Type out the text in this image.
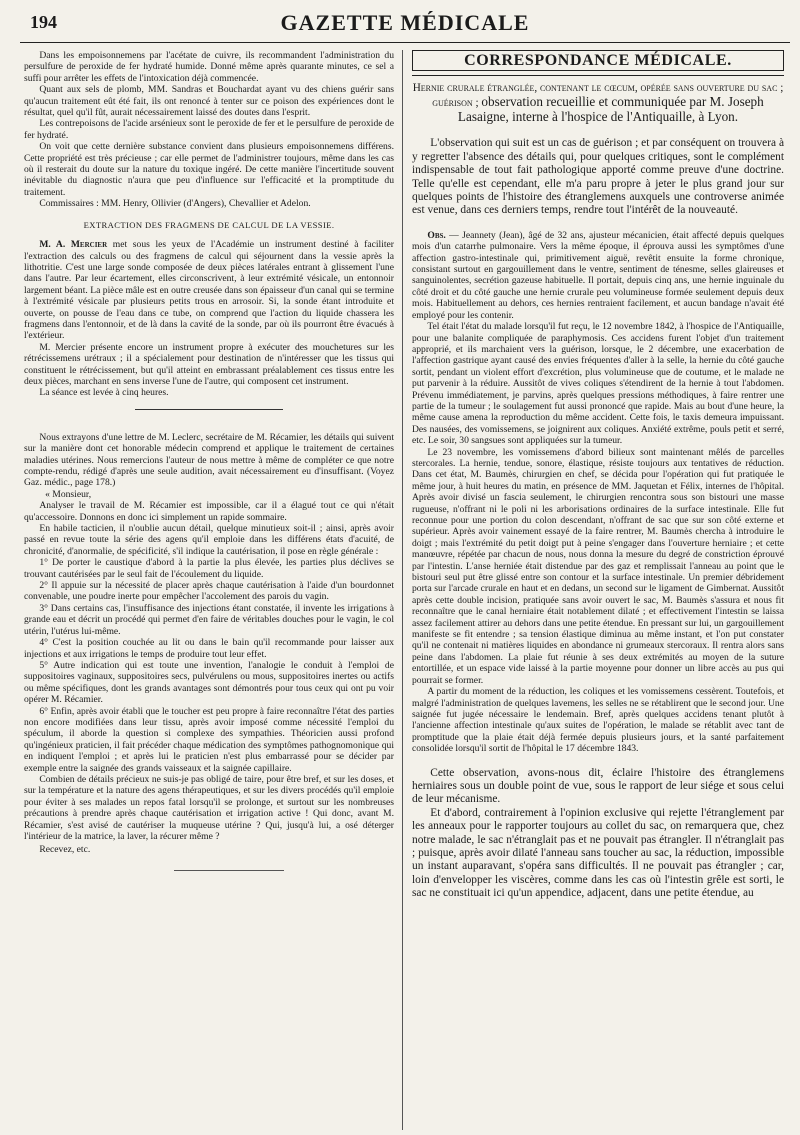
194	GAZETTE MÉDICALE

Dans les empoisonnemens par l'acétate de cuivre, ils recommandent l'administration du persulfure de peroxide de fer hydraté humide. Donné même après quarante minutes, ce sel a suffi pour arrêter les effets de l'intoxication déjà commencée.

Quant aux sels de plomb, MM. Sandras et Bouchardat ayant vu des chiens guérir sans qu'aucun traitement eût été fait, ils ont renoncé à tenter sur ce poison des expériences dont le résultat, quel qu'il fût, aurait nécessairement laissé des doutes dans l'esprit.

Les contrepoisons de l'acide arsénieux sont le peroxide de fer et le persulfure de peroxide de fer hydraté.

On voit que cette dernière substance convient dans plusieurs empoisonnemens différens. Cette propriété est très précieuse ; car elle permet de l'administrer toujours, même dans les cas où il resterait du doute sur la nature du toxique ingéré. De cette manière l'incertitude souvent inévitable du diagnostic n'aura que peu d'influence sur l'efficacité et la promptitude du traitement.

Commissaires : MM. Henry, Ollivier (d'Angers), Chevallier et Adelon.

EXTRACTION DES FRAGMENS DE CALCUL DE LA VESSIE.

M. A. Mercier met sous les yeux de l'Académie un instrument destiné à faciliter l'extraction des calculs ou des fragmens de calcul qui séjournent dans la vessie après la lithotritie. C'est une large sonde composée de deux pièces latérales entrant à glissement l'une dans l'autre. Par leur écartement, elles circonscrivent, à leur extrémité vésicale, un entonnoir largement béant. La pièce mâle est en outre creusée dans son épaisseur d'un canal qui se termine à l'extrémité vésicale par plusieurs petits trous en arrosoir. Si, la sonde étant introduite et ouverte, on pousse de l'eau dans ce tube, on comprend que l'action du liquide chassera les fragmens dans l'entonnoir, et de là dans la cavité de la sonde, par où ils pourront être évacués à l'extérieur.

M. Mercier présente encore un instrument propre à exécuter des mouchetures sur les rétrécissemens urétraux ; il a spécialement pour destination de n'intéresser que les tissus qui constituent le rétrécissement, but qu'il atteint en embrassant préalablement ces tissus entre les deux pièces, marchant en sens inverse l'une de l'autre, qui composent cet instrument.

La séance est levée à cinq heures.

Nous extrayons d'une lettre de M. Leclerc, secrétaire de M. Récamier, les détails qui suivent sur la manière dont cet honorable médecin comprend et applique le traitement de certaines maladies utérines. Nous remercions l'auteur de nous mettre à même de compléter ce que notre compte-rendu, rédigé d'après une seule audition, avait nécessairement eu d'insuffisant. (Voyez Gaz. médic., page 178.)

« Monsieur,

Analyser le travail de M. Récamier est impossible, car il a élagué tout ce qui n'était qu'accessoire. Donnons en donc ici simplement un rapide sommaire.

En habile tacticien, il n'oublie aucun détail, quelque minutieux soit-il ; ainsi, après avoir passé en revue toute la série des agens qu'il emploie dans les différens états d'acuité, de chronicité, d'anormalie, de spécificité, s'il indique la cautérisation, il pose en règle générale :

1° De porter le caustique d'abord à la partie la plus élevée, les parties plus déclives se trouvant cautérisées par le seul fait de l'écoulement du liquide.

2° Il appuie sur la nécessité de placer après chaque cautérisation à l'aide d'un bourdonnet convenable, une poudre inerte pour empêcher l'accolement des parois du vagin.

3° Dans certains cas, l'insuffisance des injections étant constatée, il invente les irrigations à grande eau et décrit un procédé qui permet d'en faire de véritables douches pour le vagin, le col utérin, l'utérus lui-même.

4° C'est la position couchée au lit ou dans le bain qu'il recommande pour laisser aux injections et aux irrigations le temps de produire tout leur effet.

5° Autre indication qui est toute une invention, l'analogie le conduit à l'emploi de suppositoires vaginaux, suppositoires secs, pulvérulens ou mous, suppositoires inertes ou actifs ou même spécifiques, dont les grands avantages sont démontrés pour tous ceux qui ont pu voir opérer M. Récamier.

6° Enfin, après avoir établi que le toucher est peu propre à faire reconnaître l'état des parties non encore modifiées dans leur tissu, après avoir imposé comme nécessité l'emploi du spéculum, il aborde la question si complexe des sympathies. Théoricien aussi profond qu'ingénieux praticien, il fait précéder chaque médication des symptômes pathognomonique qui en indiquent l'emploi ; et après lui le praticien n'est plus embarrassé pour se décider par exemple entre la saignée des grands vaisseaux et la saignée capillaire.

Combien de détails précieux ne suis-je pas obligé de taire, pour être bref, et sur les doses, et sur la température et la nature des agens thérapeutiques, et sur les divers procédés qu'il emploie pour éviter à ses malades un repos fatal lorsqu'il se prolonge, et surtout sur les nombreuses précautions à prendre après chaque cautérisation et irrigation active ! Qui donc, avant M. Récamier, s'est avisé de cautériser la muqueuse utérine ? Qui, jusqu'à lui, a osé déterger l'intérieur de la matrice, la laver, la récurer même ?

Recevez, etc.

CORRESPONDANCE MÉDICALE.

Hernie crurale étranglée, contenant le cœcum, opérée sans ouverture du sac ; guérison ; observation recueillie et communiquée par M. Joseph Lasaigne, interne à l'hospice de l'Antiquaille, à Lyon.

L'observation qui suit est un cas de guérison ; et par conséquent on trouvera à y regretter l'absence des détails qui, pour quelques critiques, sont le complément indispensable de tout fait pathologique apporté comme preuve d'une doctrine. Telle qu'elle est cependant, elle m'a paru propre à jeter le plus grand jour sur quelques points de l'histoire des étranglemens auxquels une controverse animée est venue, dans ces derniers temps, rendre tout l'intérêt de la nouveauté.

Obs. — Jeannety (Jean), âgé de 32 ans, ajusteur mécanicien, était affecté depuis quelques mois d'un catarrhe pulmonaire. Vers la même époque, il éprouva aussi les symptômes d'une affection gastro-intestinale qui, primitivement aiguë, revêtit ensuite la forme chronique, consistant surtout en gargouillement dans le ventre, sentiment de ténesme, selles glaireuses et sanguinolentes, secrétion gazeuse habituelle. Il portait, depuis cinq ans, une hernie inguinale du côté droit et du côté gauche une hernie crurale peu volumineuse formée seulement depuis deux mois. Habituellement au dehors, ces hernies rentraient facilement, et aucun bandage n'avait été employé pour les contenir.

Tel était l'état du malade lorsqu'il fut reçu, le 12 novembre 1842, à l'hospice de l'Antiquaille, pour une balanite compliquée de paraphymosis. Ces accidens furent l'objet d'un traitement approprié, et ils marchaient vers la guérison, lorsque, le 2 décembre, une exacerbation de l'affection gastrique ayant causé des envies fréquentes d'aller à la selle, la hernie du côté gauche sortit, pendant un violent effort d'excrétion, plus volumineuse que de coutume, et le malade ne put parvenir à la réduire. Aussitôt de vives coliques s'étendirent de la hernie à tout l'abdomen. Prévenu immédiatement, je parvins, après quelques pressions méthodiques, à faire rentrer une partie de la tumeur ; le soulagement fut aussi prononcé que rapide. Mais au bout d'une heure, la même cause amena la reproduction du même accident. Cette fois, le taxis demeura impuissant. Des nausées, des vomissemens, se joignirent aux coliques. Anxiété extrême, pouls petit et serré, etc. Le soir, 30 sangsues sont appliquées sur la tumeur.

Le 23 novembre, les vomissemens d'abord bilieux sont maintenant mêlés de parcelles stercorales. La hernie, tendue, sonore, élastique, résiste toujours aux tentatives de réduction. Dans cet état, M. Baumès, chirurgien en chef, se décida pour l'opération qui fut pratiquée le même jour, à huit heures du matin, en présence de MM. Jaquetan et Félix, internes de l'hôpital. Après avoir divisé un fascia seulement, le chirurgien rencontra sous son bistouri une masse rugueuse, n'offrant ni le poli ni les arborisations ordinaires de la surface intestinale. Elle fut reconnue pour une portion du colon descendant, n'offrant de sac que sur son côté externe et supérieur. Après avoir vainement essayé de la faire rentrer, M. Baumès chercha à introduire le doigt ; mais l'extrémité du petit doigt put à peine s'engager dans l'ouverture herniaire ; et cette manœuvre, répétée par chacun de nous, nous donna la mesure du degré de constriction éprouvé par l'intestin. L'anse herniée était distendue par des gaz et remplissait l'anneau au point que le bistouri seul put être glissé entre son contour et la surface intestinale. Un premier débridement porta sur l'arcade crurale en haut et en dedans, un second sur le ligament de Gimbernat. Aussitôt après cette double incision, pratiquée sans avoir ouvert le sac, M. Baumès s'assura et nous fit reconnaître que le canal herniaire était notablement dilaté ; et effectivement l'intestin se laissa assez facilement attirer au dehors dans une petite étendue. En pressant sur lui, un gargouillement manifeste se fit entendre ; sa tension élastique diminua au même instant, et l'on put constater qu'il ne contenait ni matières liquides en abondance ni grumeaux stercoraux. Il rentra alors sans peine dans l'abdomen. La plaie fut réunie à ses deux extrémités au moyen de la suture entortillée, et un espace vide laissé à la partie moyenne pour donner un libre accès au pus qui pourrait se former.

A partir du moment de la réduction, les coliques et les vomissemens cessèrent. Toutefois, et malgré l'administration de quelques lavemens, les selles ne se rétablirent que le second jour. Une saignée fut jugée nécessaire le lendemain. Bref, après quelques accidens tenant plutôt à l'ancienne affection intestinale qu'aux suites de l'opération, le malade se rétablit avec tant de promptitude que la plaie était déjà fermée depuis plusieurs jours, et la santé parfaitement consolidée lorsqu'il sortit de l'hôpital le 17 décembre 1843.

Cette observation, avons-nous dit, éclaire l'histoire des étranglemens herniaires sous un double point de vue, sous le rapport de leur siége et sous celui de leur mécanisme.

Et d'abord, contrairement à l'opinion exclusive qui rejette l'étranglement par les anneaux pour le rapporter toujours au collet du sac, on remarquera que, chez notre malade, le sac n'étranglait pas et ne pouvait pas étrangler. Il n'étranglait pas ; puisque, après avoir dilaté l'anneau sans toucher au sac, la réduction, impossible un instant auparavant, s'opéra sans difficultés. Il ne pouvait pas étrangler ; car, loin d'envelopper les viscères, comme dans les cas où l'intestin grêle est sorti, le sac ne constituait ici qu'un appendice, adjacent, dans une petite étendue, au
